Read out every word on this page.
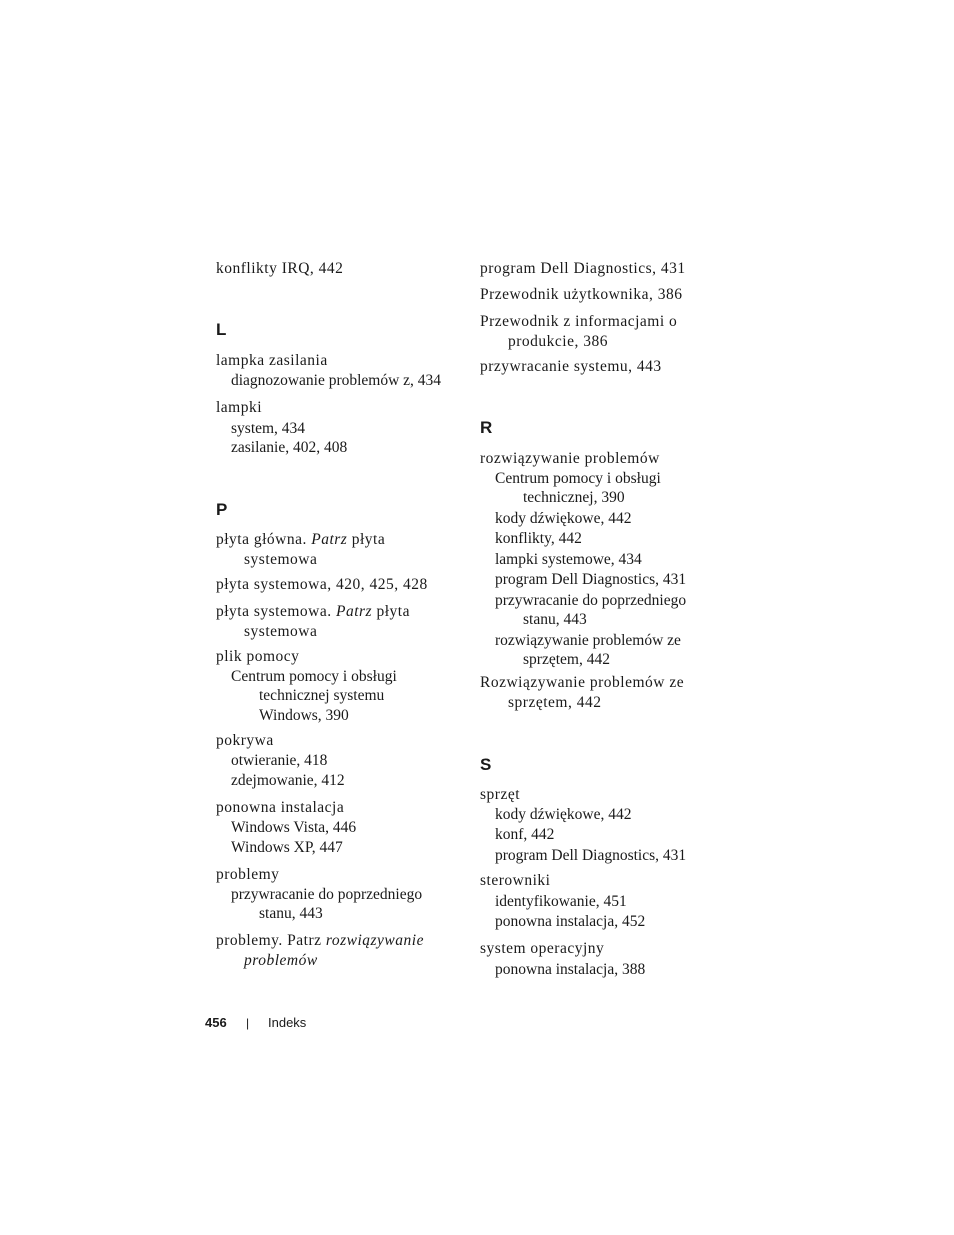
konflikty IRQ, 442
L
lampka zasilania
diagnozowanie problemów z, 434
lampki
system, 434
zasilanie, 402, 408
P
płyta główna. Patrz płyta
systemowa
płyta systemowa, 420, 425, 428
płyta systemowa. Patrz płyta
systemowa
plik pomocy
Centrum pomocy i obsługi
technicznej systemu
Windows, 390
pokrywa
otwieranie, 418
zdejmowanie, 412
ponowna instalacja
Windows Vista, 446
Windows XP, 447
problemy
przywracanie do poprzedniego
stanu, 443
problemy. Patrz rozwiązywanie
problemów
program Dell Diagnostics, 431
Przewodnik użytkownika, 386
Przewodnik z informacjami o
produkcie, 386
przywracanie systemu, 443
R
rozwiązywanie problemów
Centrum pomocy i obsługi
technicznej, 390
kody dźwiękowe, 442
konflikty, 442
lampki systemowe, 434
program Dell Diagnostics, 431
przywracanie do poprzedniego
stanu, 443
rozwiązywanie problemów ze
sprzętem, 442
Rozwiązywanie problemów ze
sprzętem, 442
S
sprzęt
kody dźwiękowe, 442
konf, 442
program Dell Diagnostics, 431
sterowniki
identyfikowanie, 451
ponowna instalacja, 452
system operacyjny
ponowna instalacja, 388
456 | Indeks
